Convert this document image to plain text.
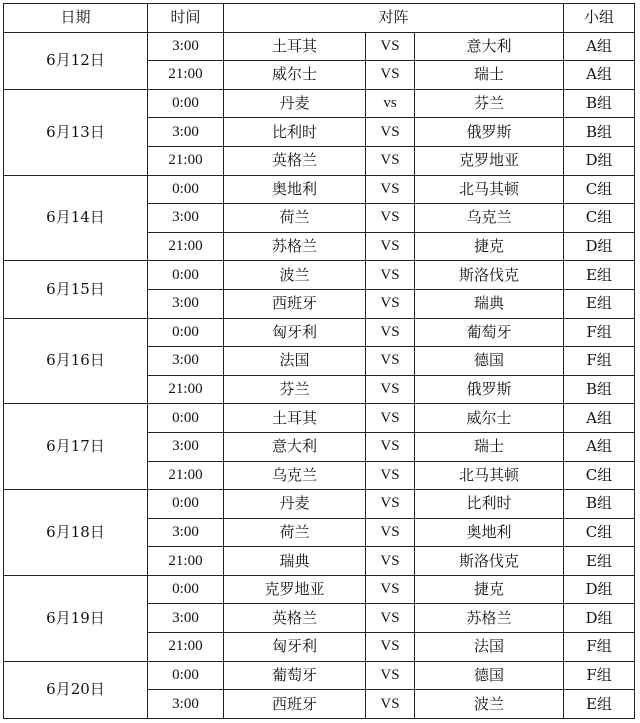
日期	时间	对阵			小组
6月12日	3:00	土耳其	VS	意大利	A组
	21:00	威尔士	VS	瑞士	A组
6月13日	0:00	丹麦	vs	芬兰	B组
	3:00	比利时	VS	俄罗斯	B组
	21:00	英格兰	VS	克罗地亚	D组
6月14日	0:00	奥地利	VS	北马其顿	C组
	3:00	荷兰	VS	乌克兰	C组
	21:00	苏格兰	VS	捷克	D组
6月15日	0:00	波兰	VS	斯洛伐克	E组
	3:00	西班牙	VS	瑞典	E组
6月16日	0:00	匈牙利	VS	葡萄牙	F组
	3:00	法国	VS	德国	F组
	21:00	芬兰	VS	俄罗斯	B组
6月17日	0:00	土耳其	VS	威尔士	A组
	3:00	意大利	VS	瑞士	A组
	21:00	乌克兰	VS	北马其顿	C组
6月18日	0:00	丹麦	VS	比利时	B组
	3:00	荷兰	VS	奥地利	C组
	21:00	瑞典	VS	斯洛伐克	E组
6月19日	0:00	克罗地亚	VS	捷克	D组
	3:00	英格兰	VS	苏格兰	D组
	21:00	匈牙利	VS	法国	F组
6月20日	0:00	葡萄牙	VS	德国	F组
	3:00	西班牙	VS	波兰	E组
